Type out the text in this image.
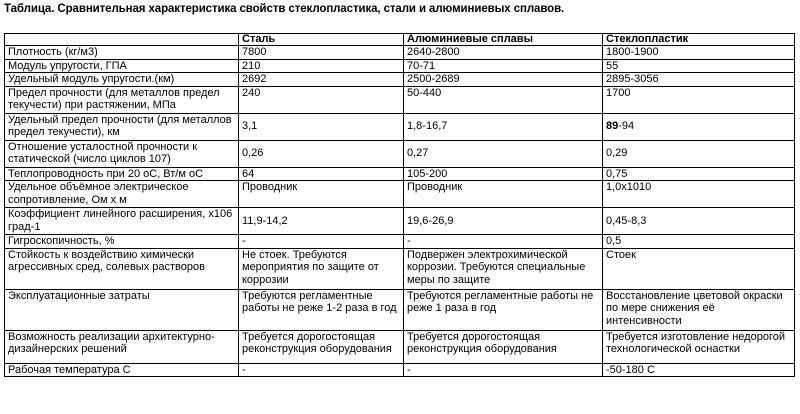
Таблица. Сравнительная характеристика свойств стеклопластика, стали и алюминиевых сплавов.
	Сталь	Алюминиевые сплавы	Стеклопластик
Плотность (кг/м3)	7800	2640-2800	1800-1900
Модуль упругости, ГПА	210	70-71	55
Удельный модуль упругости.(км)	2692	2500-2689	2895-3056
Предел прочности (для металлов предел текучести) при растяжении, МПа	240	50-440	1700
Удельный предел прочности (для металлов предел текучести), км	3,1	1,8-16,7	89-94
Отношение усталостной прочности к статической (число циклов 107)	0,26	0,27	0,29
Теплопроводность при 20 оС, Вт/м оС	64	105-200	0,75
Удельное объёмное электрическое сопротивление, Ом х м	Проводник	Проводник	1,0х1010
Коэффициент линейного расширения, х106 град-1	11,9-14,2	19,6-26,9	0,45-8,3
Гигроскопичность, %	-	-	0,5
Стойкость к воздействию химически агрессивных сред, солевых растворов	Не стоек. Требуются мероприятия по защите от коррозии	Подвержен электрохимической коррозии. Требуются специальные меры по защите	Стоек
Эксплуатационные затраты	Требуются регламентные работы не реже 1-2 раза в год	Требуются регламентные работы не реже 1 раза в год	Восстановление цветовой окраски по мере снижения её интенсивности
Возможность реализации архитектурно-дизайнерских решений	Требуется дорогостоящая реконструкция оборудования	Требуется дорогостоящая реконструкция оборудования	Требуется изготовление недорогой технологической оснастки
Рабочая температура С	-	-	-50-180 С
